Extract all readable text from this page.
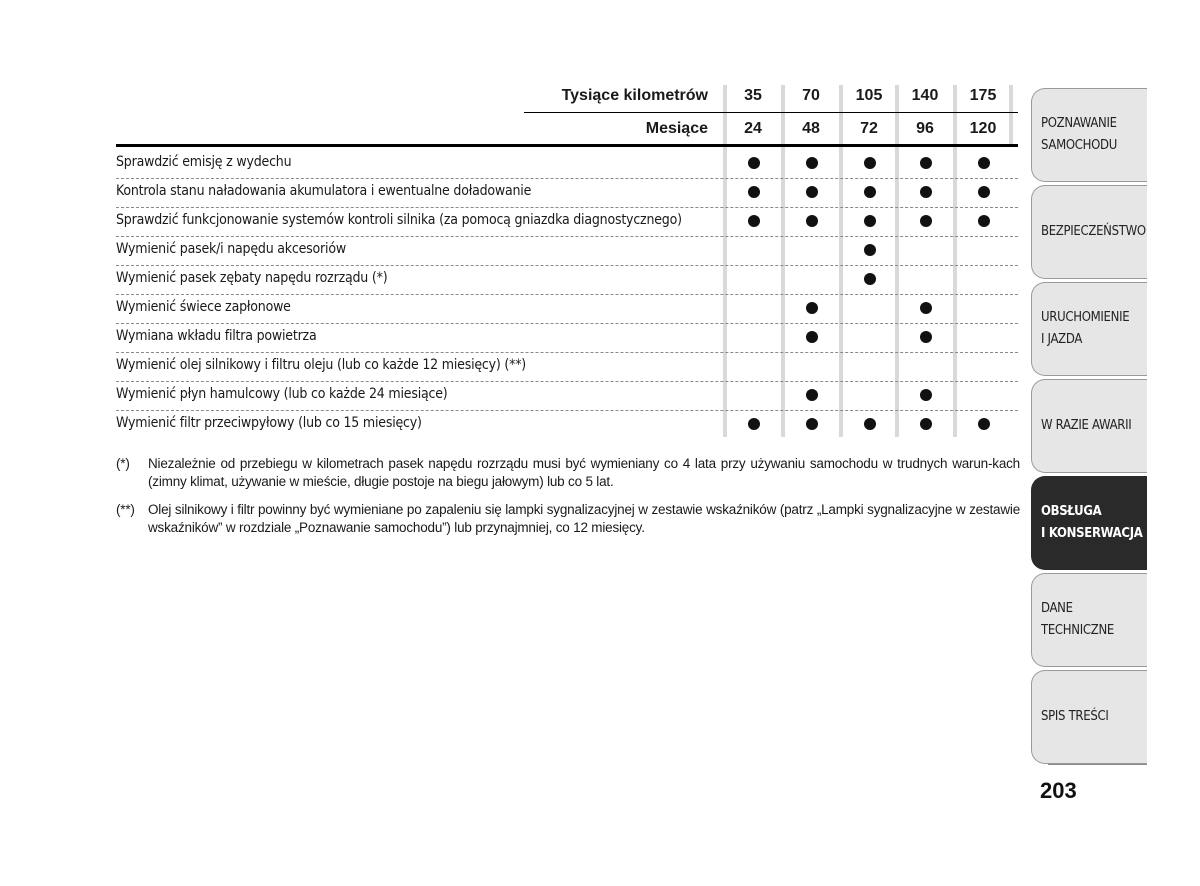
Tysiące kilometrów
Mesiące
35
24
70
48
105
72
140
96
175
120
Sprawdzić emisję z wydechu
Kontrola stanu naładowania akumulatora i ewentualne doładowanie
Sprawdzić funkcjonowanie systemów kontroli silnika (za pomocą gniazdka diagnostycznego)
Wymienić pasek/i napędu akcesoriów
Wymienić pasek zębaty napędu rozrządu (*)
Wymienić świece zapłonowe
Wymiana wkładu filtra powietrza
Wymienić olej silnikowy i filtru oleju (lub co każde 12 miesięcy) (**)
Wymienić płyn hamulcowy (lub co każde 24 miesiące)
Wymienić filtr przeciwpyłowy (lub co 15 miesięcy)
(*) Niezależnie od przebiegu w kilometrach pasek napędu rozrządu musi być wymieniany co 4 lata przy używaniu samochodu w trudnych warun-kach (zimny klimat, używanie w mieście, długie postoje na biegu jałowym) lub co 5 lat.
(**) Olej silnikowy i filtr powinny być wymieniane po zapaleniu się lampki sygnalizacyjnej w zestawie wskaźników (patrz „Lampki sygnalizacyjne w zestawie wskaźników” w rozdziale „Poznawanie samochodu”) lub przynajmniej, co 12 miesięcy.
POZNAWANIE
SAMOCHODU
BEZPIECZEŃSTWO
URUCHOMIENIE
I JAZDA
W RAZIE AWARII
OBSŁUGA
I KONSERWACJA
DANE
TECHNICZNE
SPIS TREŚCI
203
